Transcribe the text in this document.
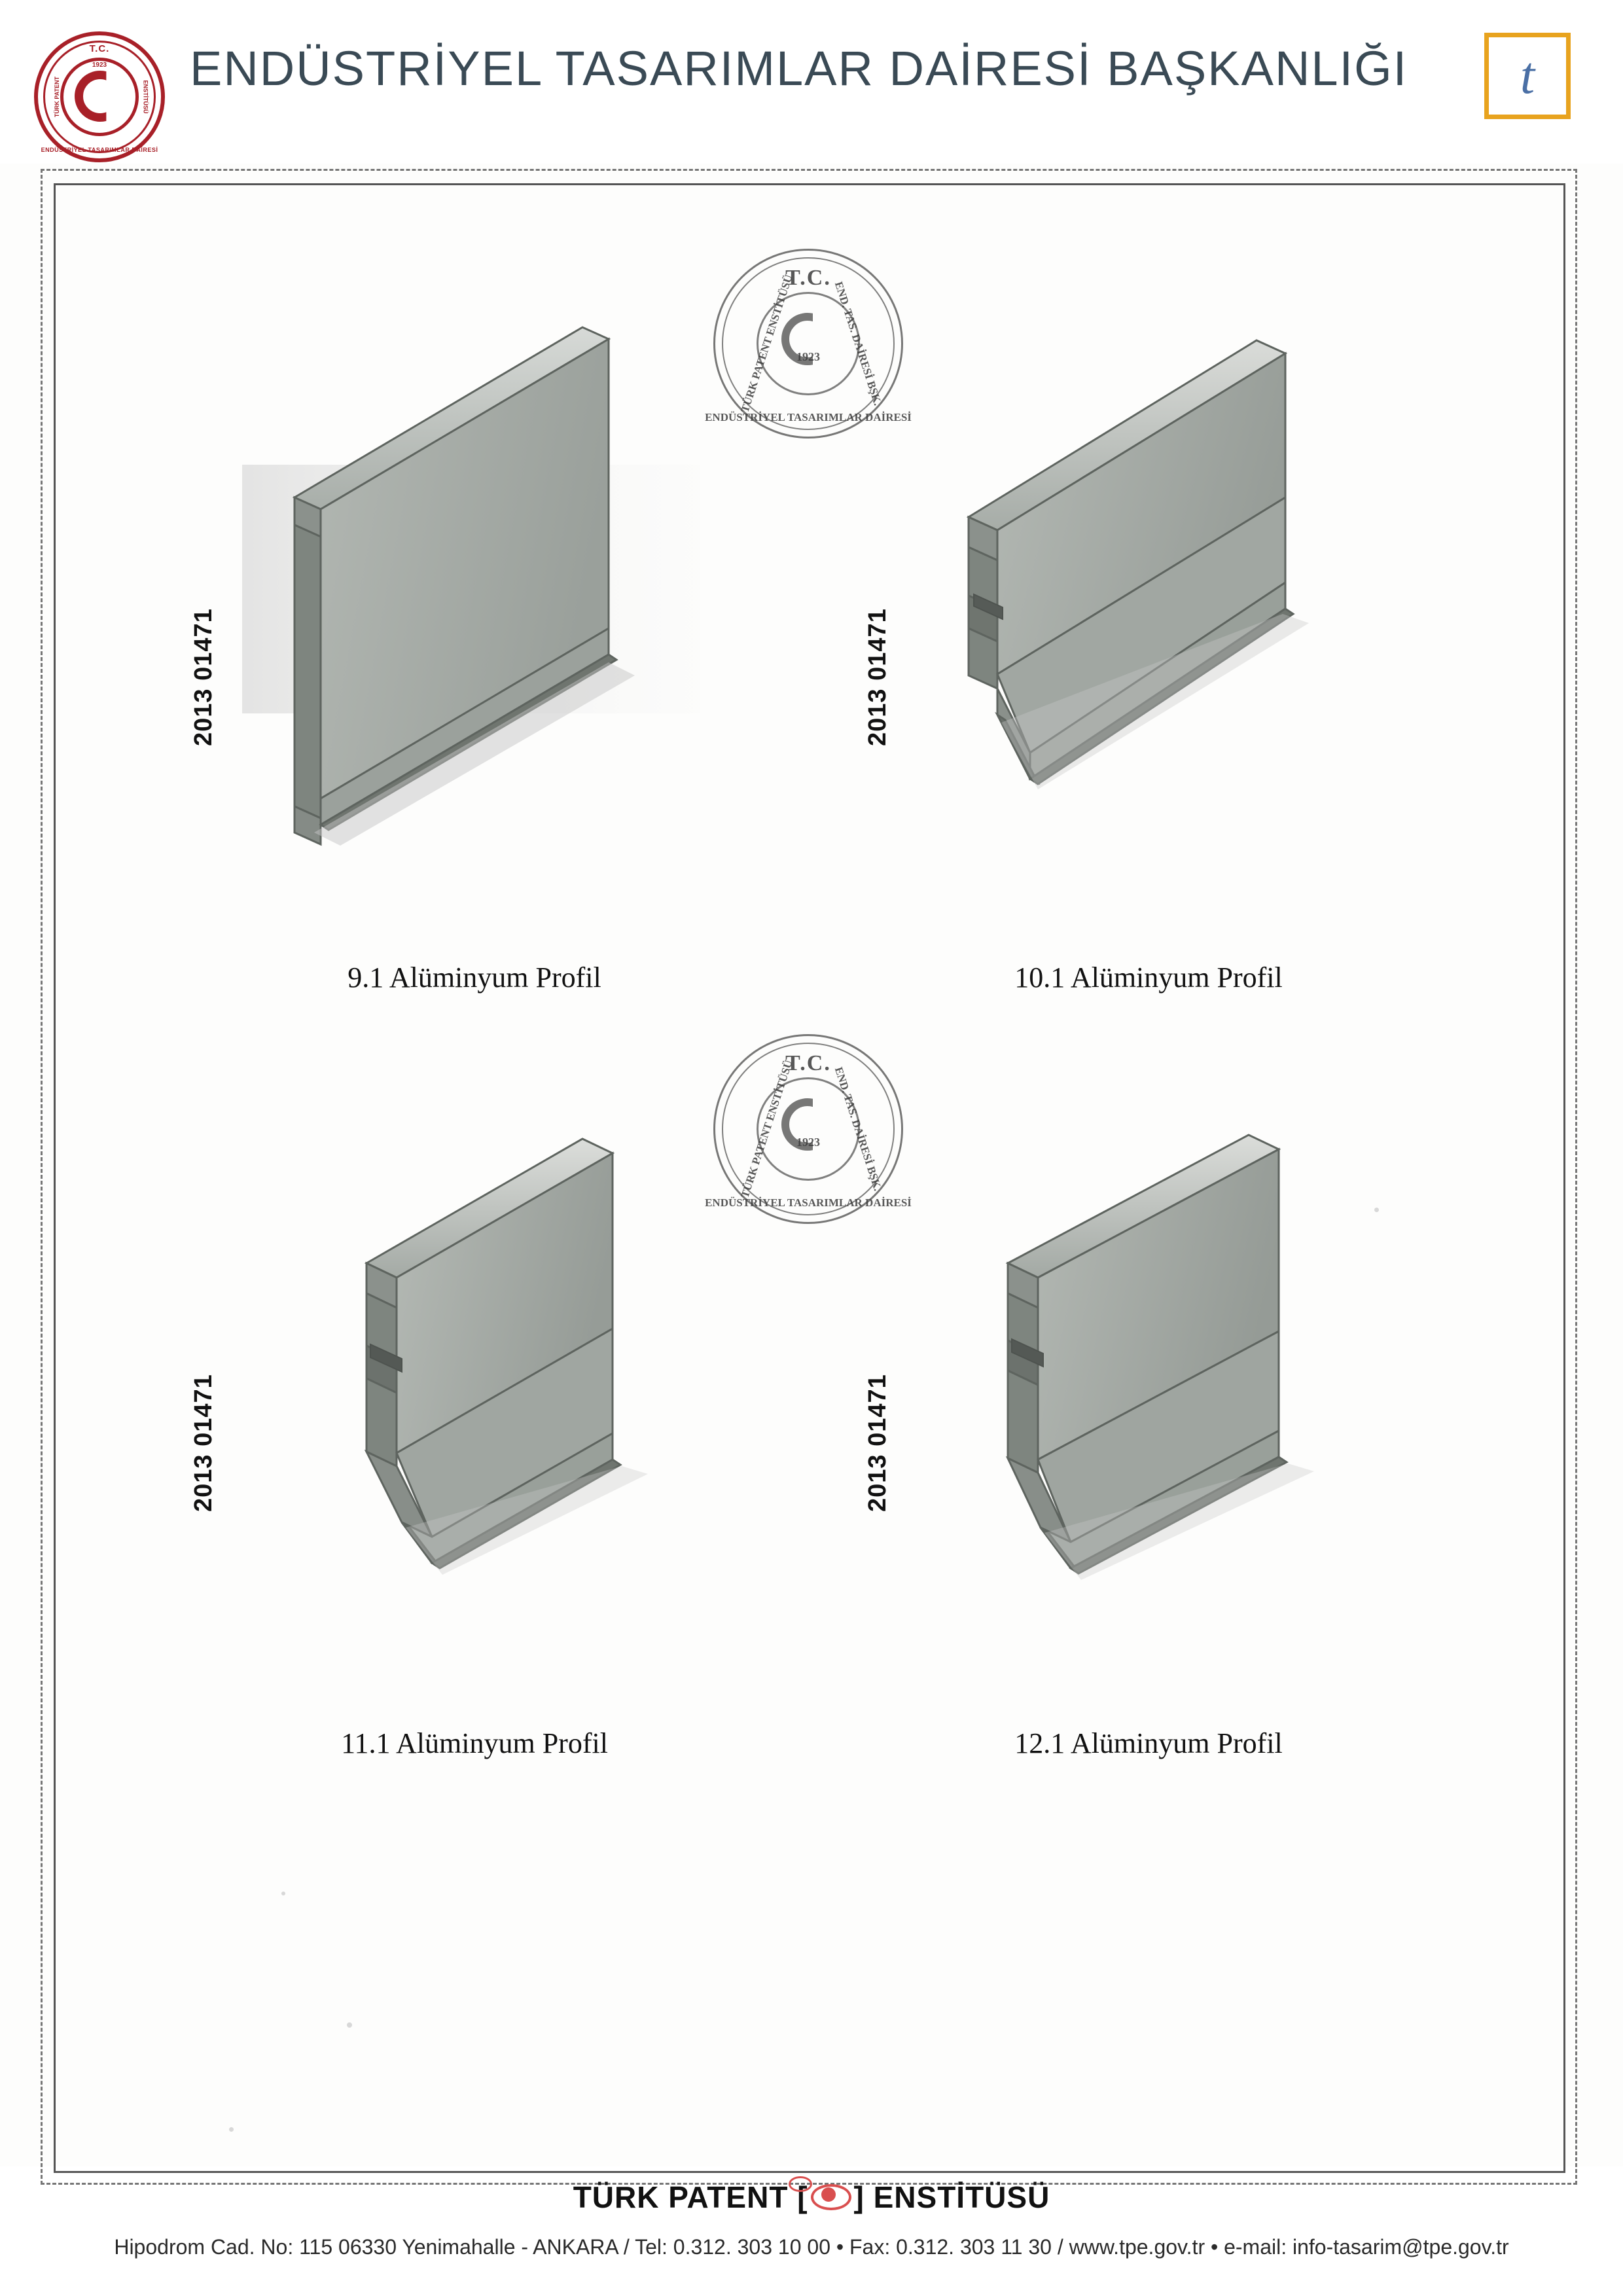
T.C.
1923
TÜRK PATENT	ENSTİTÜSÜ
ENDÜSTRİYEL TASARIMLAR DAİRESİ
ENDÜSTRİYEL TASARIMLAR DAİRESİ BAŞKANLIĞI t
T.C.
1923
TÜRK PATENT ENSTİTÜSÜ	END. TAS. DAİRESİ BŞK.
ENDÜSTRİYEL TASARIMLAR DAİRESİ
T.C.
1923
TÜRK PATENT ENSTİTÜSÜ	END. TAS. DAİRESİ BŞK.
ENDÜSTRİYEL TASARIMLAR DAİRESİ
2013 01471
9.1 Alüminyum Profil
2013 01471
10.1 Alüminyum Profil
2013 01471
11.1 Alüminyum Profil
2013 01471
12.1 Alüminyum Profil
TÜRK PATENT [ ] ENSTİTÜSÜ
Hipodrom Cad. No: 115 06330 Yenimahalle - ANKARA / Tel: 0.312. 303 10 00 • Fax: 0.312. 303 11 30 / www.tpe.gov.tr • e-mail: info-tasarim@tpe.gov.tr
